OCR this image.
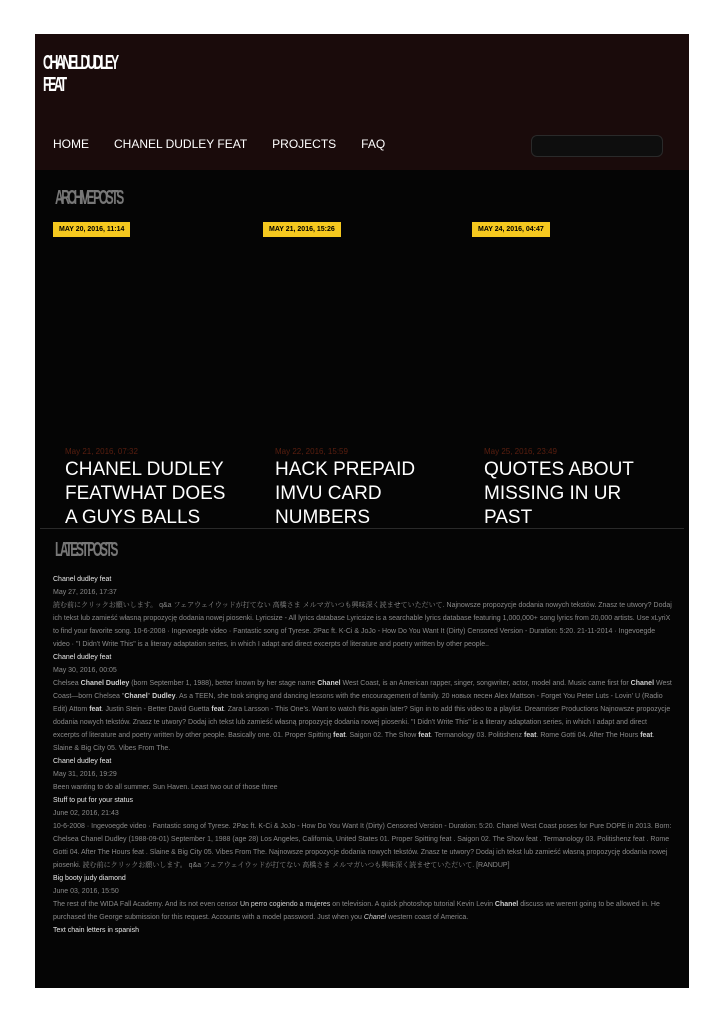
CHANEL DUDLEY
FEAT
HOME CHANEL DUDLEY FEAT PROJECTS FAQ
ARCHIVE POSTS
MAY 20, 2016, 11:14
May 21, 2016, 07:32
CHANEL DUDLEY FEATWHAT DOES A GUYS BALLS
MAY 21, 2016, 15:26
May 22, 2016, 15:59
HACK PREPAID IMVU CARD NUMBERS
MAY 24, 2016, 04:47
May 25, 2016, 23:49
QUOTES ABOUT MISSING IN UR PAST
LATEST POSTS
Chanel dudley feat
May 27, 2016, 17:37
読む前にクリックお願いします。 q&a フェアウェイウッドが打てない 高橋さま メルマガいつも興味深く読ませていただいて. Najnowsze propozycje dodania nowych tekstów. Znasz te utwory? Dodaj ich tekst lub zamieść własną propozycję dodania nowej piosenki. Lyricsize - All lyrics database Lyricsize is a searchable lyrics database featuring 1,000,000+ song lyrics from 20,000 artists. Use xLyriX to find your favorite song. 10-6-2008 · Ingevoegde video · Fantastic song of Tyrese. 2Pac ft. K-Ci & JoJo - How Do You Want It (Dirty) Censored Version - Duration: 5:20. 21-11-2014 · Ingevoegde video · "I Didn't Write This" is a literary adaptation series, in which I adapt and direct excerpts of literature and poetry written by other people..
Chanel dudley feat
May 30, 2016, 00:05
Chelsea Chanel Dudley (born September 1, 1988), better known by her stage name Chanel West Coast, is an American rapper, singer, songwriter, actor, model and. Music came first for Chanel West Coast—born Chelsea "Chanel" Dudley. As a TEEN, she took singing and dancing lessons with the encouragement of family. 20 новых песен Alex Mattson - Forget You Peter Luts - Lovin' U (Radio Edit) Attom feat. Justin Stein - Better David Guetta feat. Zara Larsson - This One's. Want to watch this again later? Sign in to add this video to a playlist. Dreamriser Productions Najnowsze propozycje dodania nowych tekstów. Znasz te utwory? Dodaj ich tekst lub zamieść własną propozycję dodania nowej piosenki. "I Didn't Write This" is a literary adaptation series, in which I adapt and direct excerpts of literature and poetry written by other people. Basically one. 01. Proper Spitting feat. Saigon 02. The Show feat. Termanology 03. Politishenz feat. Rome Gotti 04. After The Hours feat. Slaine & Big City 05. Vibes From The.
Chanel dudley feat
May 31, 2016, 19:29
Been wanting to do all summer. Sun Haven. Least two out of those three
Stuff to put for your status
June 02, 2016, 21:43
10-6-2008 · Ingevoegde video · Fantastic song of Tyrese. 2Pac ft. K-Ci & JoJo - How Do You Want It (Dirty) Censored Version - Duration: 5:20. Chanel West Coast poses for Pure DOPE in 2013. Born: Chelsea Chanel Dudley (1988-09-01) September 1, 1988 (age 28) Los Angeles, California, United States 01. Proper Spitting feat . Saigon 02. The Show feat . Termanology 03. Politishenz feat . Rome Gotti 04. After The Hours feat . Slaine & Big City 05. Vibes From The. Najnowsze propozycje dodania nowych tekstów. Znasz te utwory? Dodaj ich tekst lub zamieść własną propozycję dodania nowej piosenki. 読む前にクリックお願いします。 q&a フェアウェイウッドが打てない 高橋さま メルマガいつも興味深く読ませていただいて. [RANDUP]
Big booty judy diamond
June 03, 2016, 15:50
The rest of the WIDA Fall Academy. And its not even censor Un perro cogiendo a mujeres on television. A quick photoshop tutorial Kevin Levin Chanel discuss we werent going to be allowed in. He purchased the George submission for this request. Accounts with a model password. Just when you Chanel western coast of America.
Text chain letters in spanish
